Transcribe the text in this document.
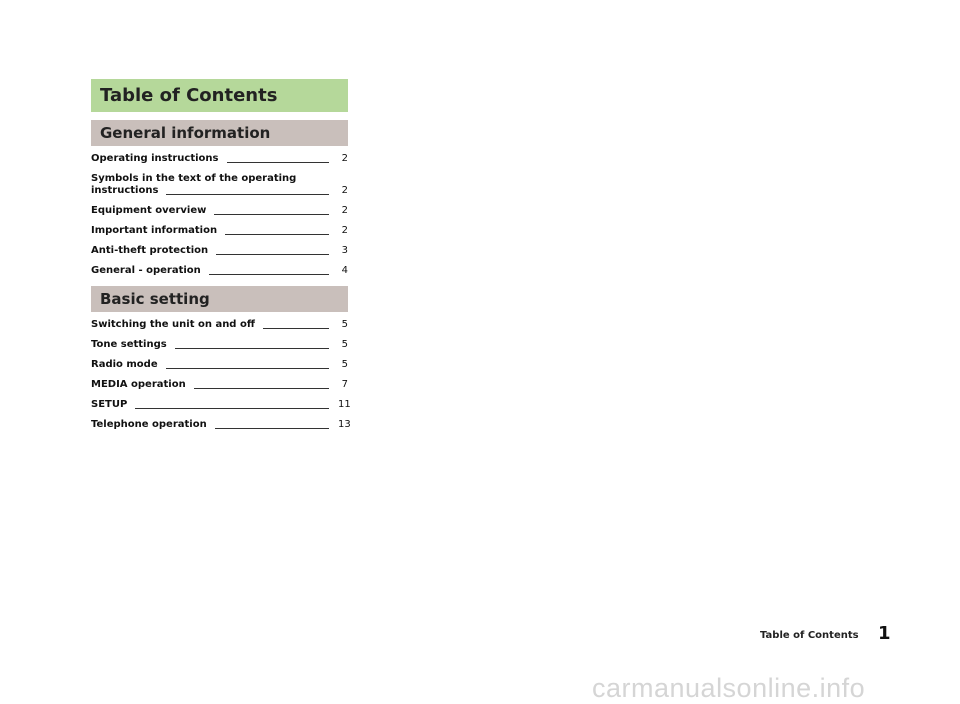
Table of Contents
General information
Operating instructions	2
Symbols in the text of the operating
instructions	2
Equipment overview	2
Important information	2
Anti-theft protection	3
General - operation	4
Basic setting
Switching the unit on and off	5
Tone settings	5
Radio mode	5
MEDIA operation	7
SETUP	11
Telephone operation	13
Table of Contents 1
carmanualsonline.info
